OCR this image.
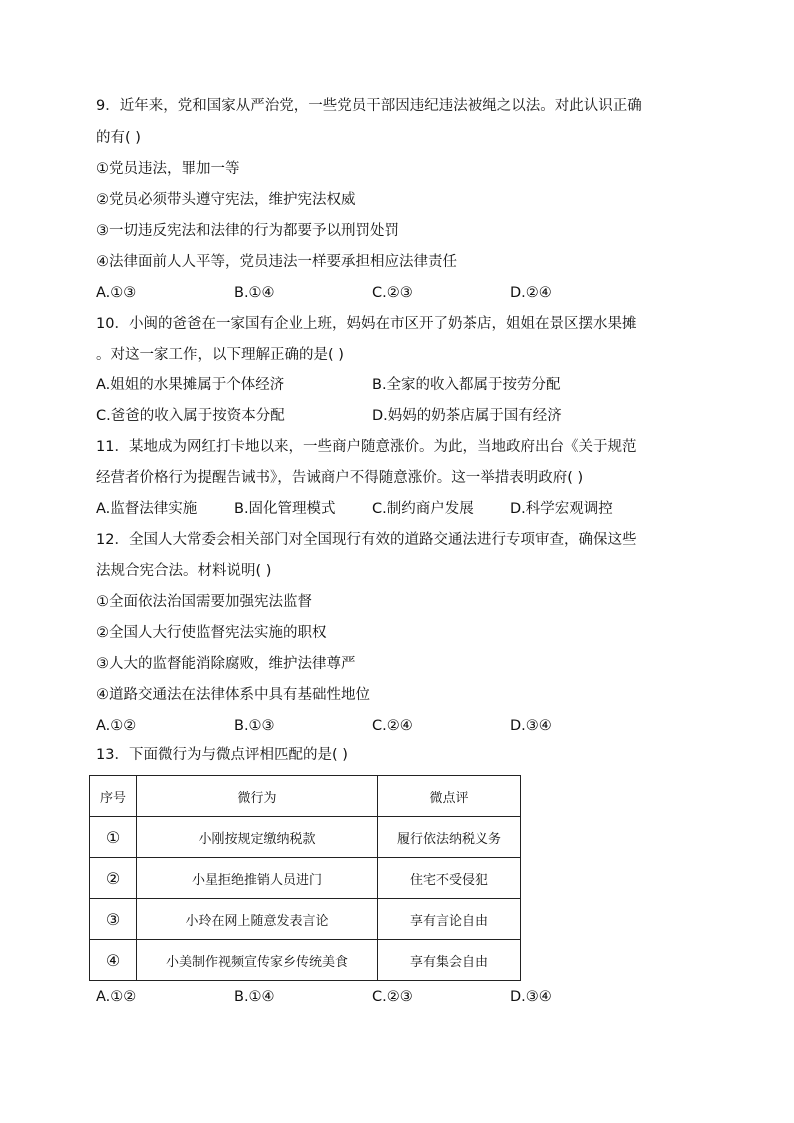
9．近年来，党和国家从严治党，一些党员干部因违纪违法被绳之以法。对此认识正确
的有( )
①党员违法，罪加一等
②党员必须带头遵守宪法，维护宪法权威
③一切违反宪法和法律的行为都要予以刑罚处罚
④法律面前人人平等，党员违法一样要承担相应法律责任
A.①③	B.①④	C.②③	D.②④
10．小闽的爸爸在一家国有企业上班，妈妈在市区开了奶茶店，姐姐在景区摆水果摊
。对这一家工作，以下理解正确的是( )
A.姐姐的水果摊属于个体经济	B.全家的收入都属于按劳分配
C.爸爸的收入属于按资本分配	D.妈妈的奶茶店属于国有经济
11．某地成为网红打卡地以来，一些商户随意涨价。为此，当地政府出台《关于规范
经营者价格行为提醒告诫书》，告诫商户不得随意涨价。这一举措表明政府( )
A.监督法律实施	B.固化管理模式	C.制约商户发展	D.科学宏观调控
12．全国人大常委会相关部门对全国现行有效的道路交通法进行专项审查，确保这些
法规合宪合法。材料说明( )
①全面依法治国需要加强宪法监督
②全国人大行使监督宪法实施的职权
③人大的监督能消除腐败，维护法律尊严
④道路交通法在法律体系中具有基础性地位
A.①②	B.①③	C.②④	D.③④
13．下面微行为与微点评相匹配的是( )
序号	微行为	微点评
①	小刚按规定缴纳税款	履行依法纳税义务
②	小星拒绝推销人员进门	住宅不受侵犯
③	小玲在网上随意发表言论	享有言论自由
④	小美制作视频宣传家乡传统美食	享有集会自由
A.①②	B.①④	C.②③	D.③④
